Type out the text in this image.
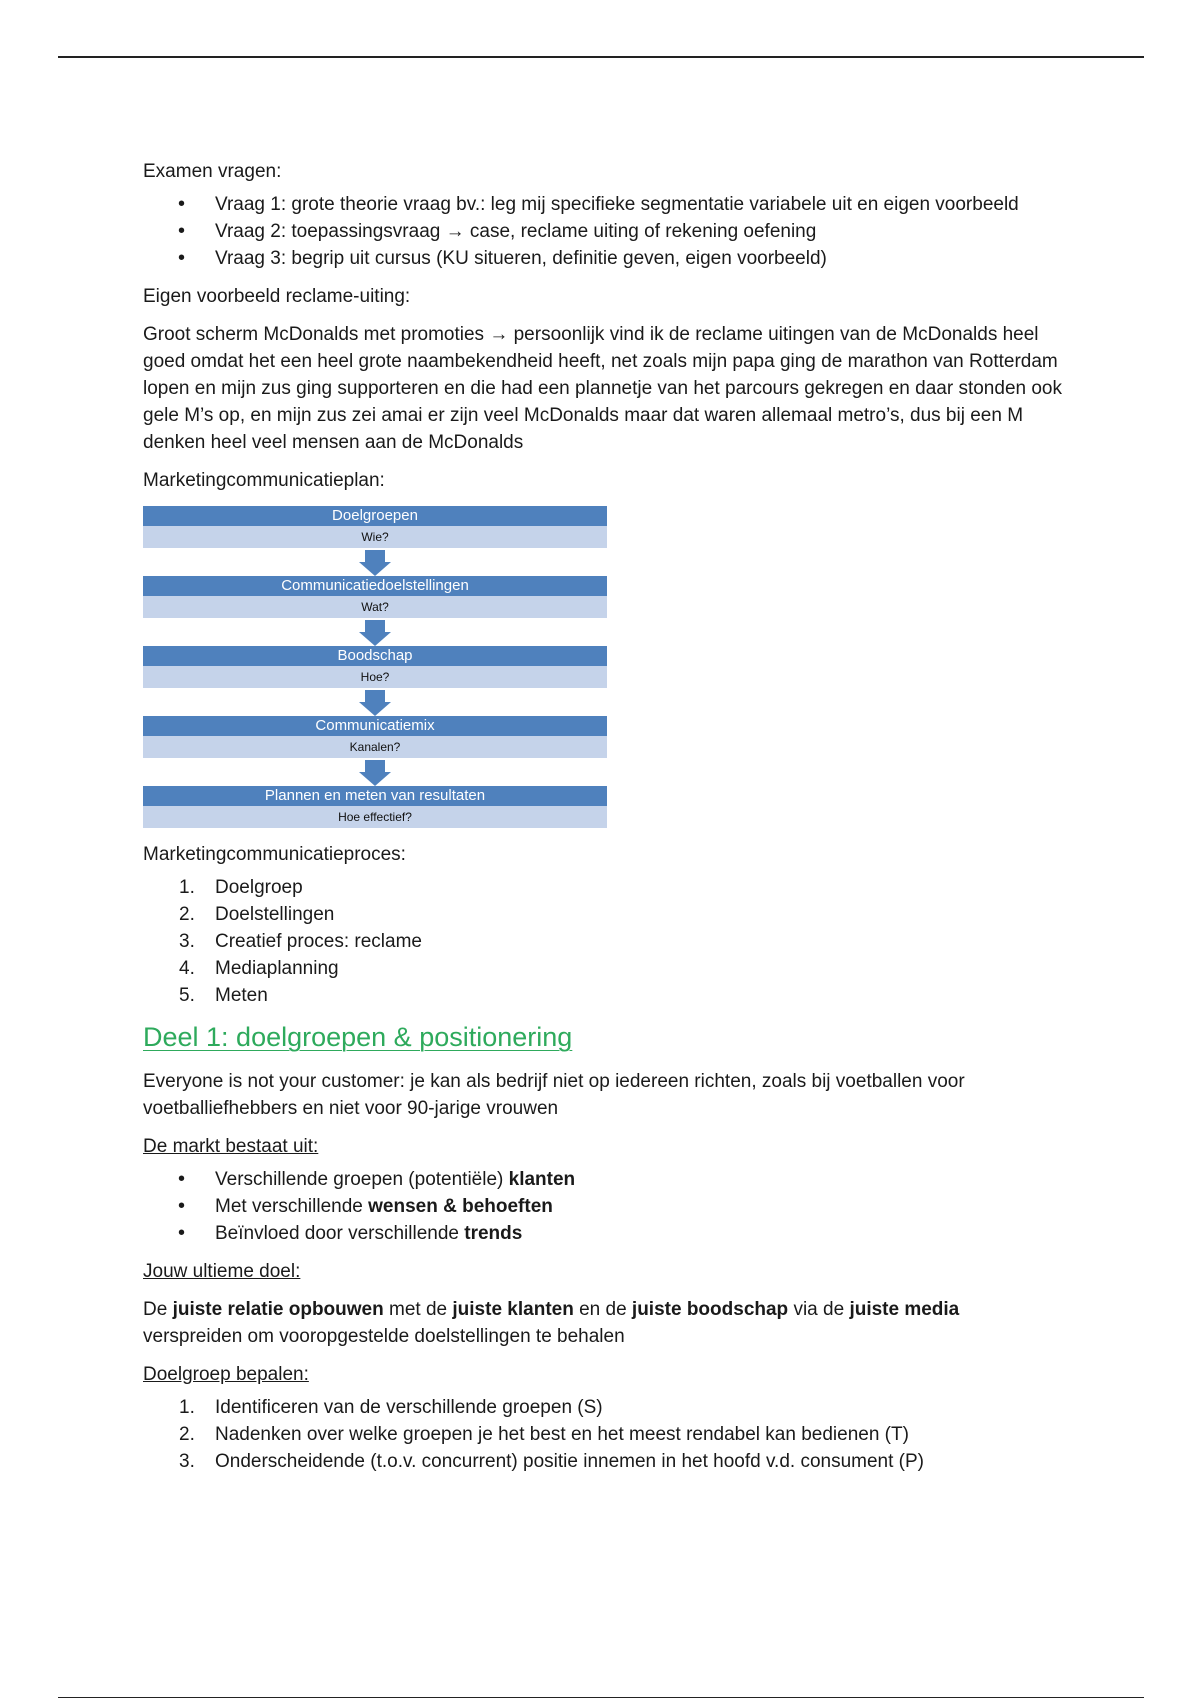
Examen vragen:

• Vraag 1: grote theorie vraag bv.: leg mij specifieke segmentatie variabele uit en eigen voorbeeld
• Vraag 2: toepassingsvraag → case, reclame uiting of rekening oefening
• Vraag 3: begrip uit cursus (KU situeren, definitie geven, eigen voorbeeld)

Eigen voorbeeld reclame-uiting:

Groot scherm McDonalds met promoties → persoonlijk vind ik de reclame uitingen van de McDonalds heel goed omdat het een heel grote naambekendheid heeft, net zoals mijn papa ging de marathon van Rotterdam lopen en mijn zus ging supporteren en die had een plannetje van het parcours gekregen en daar stonden ook gele M’s op, en mijn zus zei amai er zijn veel McDonalds maar dat waren allemaal metro’s, dus bij een M denken heel veel mensen aan de McDonalds

Marketingcommunicatieplan:

Doelgroepen
Wie?
Communicatiedoelstellingen
Wat?
Boodschap
Hoe?
Communicatiemix
Kanalen?
Plannen en meten van resultaten
Hoe effectief?

Marketingcommunicatieproces:

1. Doelgroep
2. Doelstellingen
3. Creatief proces: reclame
4. Mediaplanning
5. Meten
Deel 1: doelgroepen & positionering

Everyone is not your customer: je kan als bedrijf niet op iedereen richten, zoals bij voetballen voor voetballiefhebbers en niet voor 90-jarige vrouwen

De markt bestaat uit:

• Verschillende groepen (potentiële) klanten
• Met verschillende wensen & behoeften
• Beïnvloed door verschillende trends

Jouw ultieme doel:

De juiste relatie opbouwen met de juiste klanten en de juiste boodschap via de juiste media verspreiden om vooropgestelde doelstellingen te behalen

Doelgroep bepalen:

1. Identificeren van de verschillende groepen (S)
2. Nadenken over welke groepen je het best en het meest rendabel kan bedienen (T)
3. Onderscheidende (t.o.v. concurrent) positie innemen in het hoofd v.d. consument (P)
